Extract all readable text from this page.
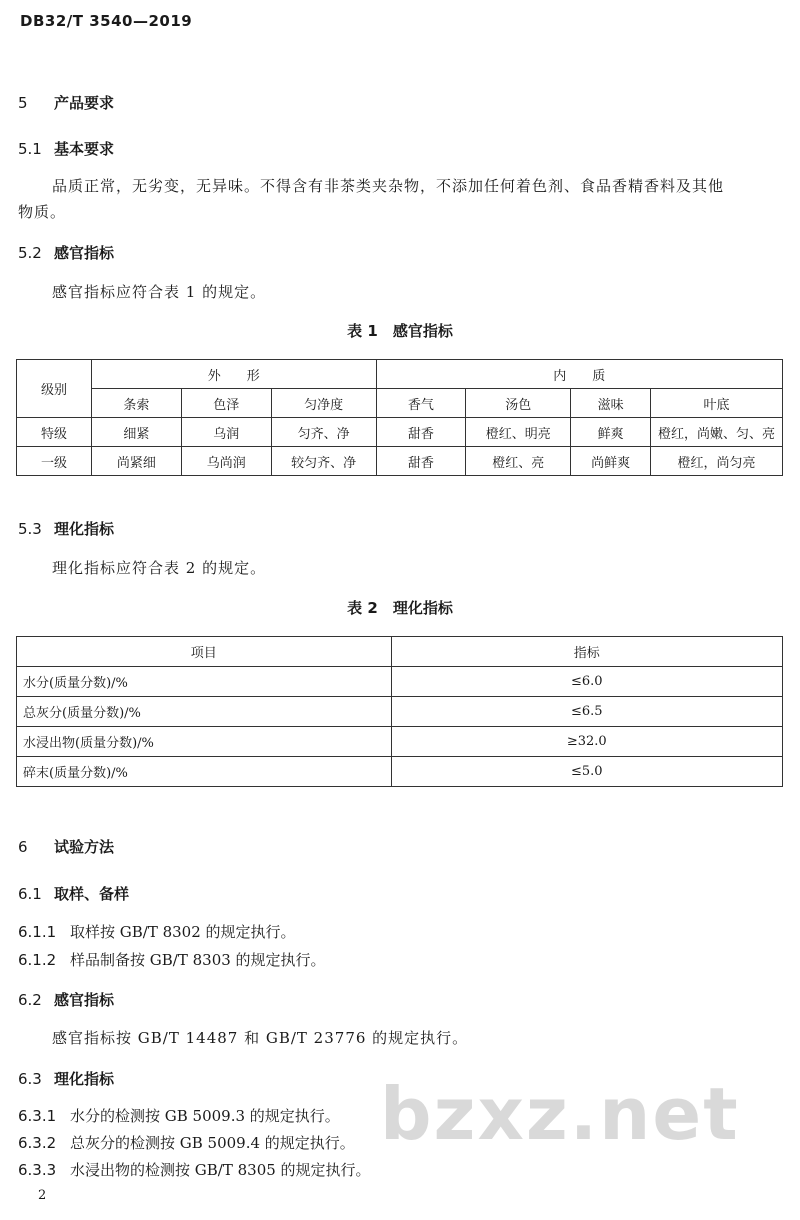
DB32/T 3540—2019
5 产品要求
5.1 基本要求
品质正常，无劣变，无异味。不得含有非茶类夹杂物，不添加任何着色剂、食品香精香料及其他
物质。
5.2 感官指标
感官指标应符合表 1 的规定。
表 1　感官指标
级别	外　　形			内　　质			
	条索	色泽	匀净度	香气	汤色	滋味	叶底
特级	细紧	乌润	匀齐、净	甜香	橙红、明亮	鲜爽	橙红，尚嫩、匀、亮
一级	尚紧细	乌尚润	较匀齐、净	甜香	橙红、亮	尚鲜爽	橙红，尚匀亮
5.3 理化指标
理化指标应符合表 2 的规定。
表 2　理化指标
项目	指标
水分(质量分数)/%	≤6.0
总灰分(质量分数)/%	≤6.5
水浸出物(质量分数)/%	≥32.0
碎末(质量分数)/%	≤5.0
6 试验方法
6.1 取样、备样
6.1.1 取样按 GB/T 8302 的规定执行。
6.1.2 样品制备按 GB/T 8303 的规定执行。
6.2 感官指标
感官指标按 GB/T 14487 和 GB/T 23776 的规定执行。
6.3 理化指标	bzxz.net
6.3.1 水分的检测按 GB 5009.3 的规定执行。
6.3.2 总灰分的检测按 GB 5009.4 的规定执行。
6.3.3 水浸出物的检测按 GB/T 8305 的规定执行。
2
